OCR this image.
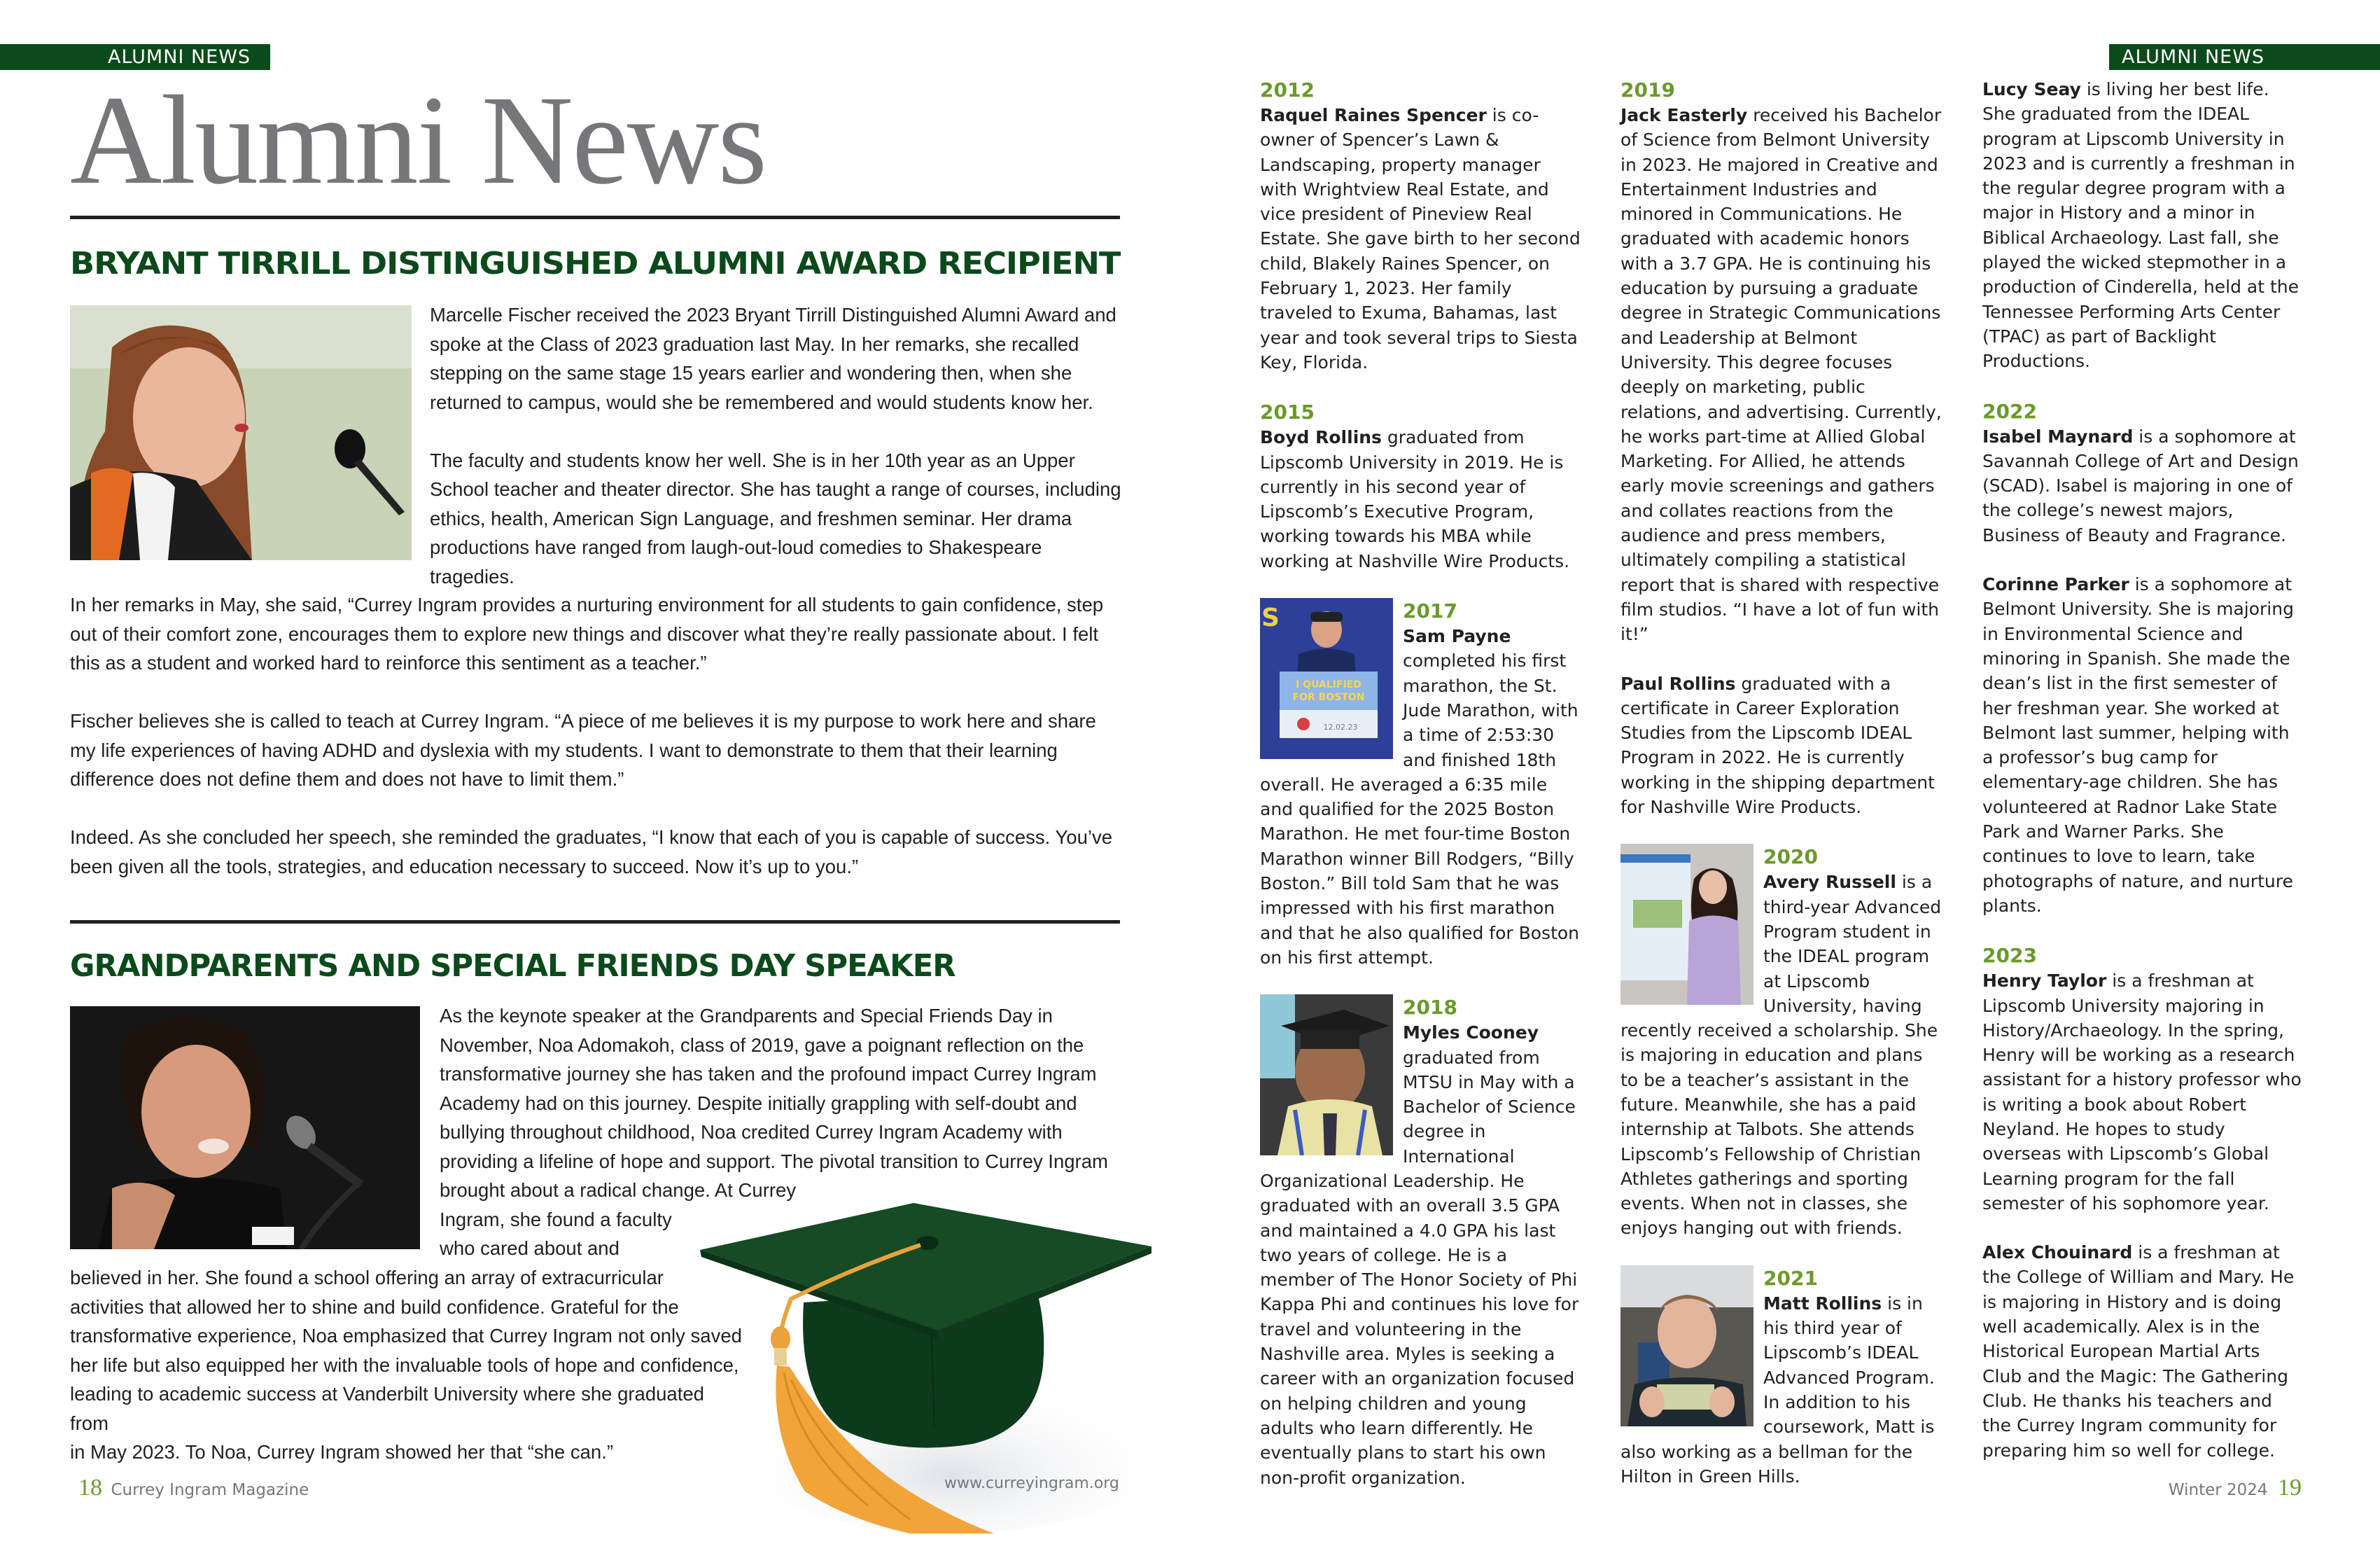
ALUMNI NEWS
Alumni News
BRYANT TIRRILL DISTINGUISHED ALUMNI AWARD RECIPIENT

Marcelle Fischer received the 2023 Bryant Tirrill Distinguished Alumni Award and spoke at the Class of 2023 graduation last May. In her remarks, she recalled stepping on the same stage 15 years earlier and wondering then, when she returned to campus, would she be remembered and would students know her.

The faculty and students know her well. She is in her 10th year as an Upper School teacher and theater director. She has taught a range of courses, including ethics, health, American Sign Language, and freshmen seminar. Her drama productions have ranged from laugh-out-loud comedies to Shakespeare tragedies.

In her remarks in May, she said, “Currey Ingram provides a nurturing environment for all students to gain confidence, step out of their comfort zone, encourages them to explore new things and discover what they’re really passionate about. I felt this as a student and worked hard to reinforce this sentiment as a teacher.”

Fischer believes she is called to teach at Currey Ingram. “A piece of me believes it is my purpose to work here and share my life experiences of having ADHD and dyslexia with my students. I want to demonstrate to them that their learning difference does not define them and does not have to limit them.”

Indeed. As she concluded her speech, she reminded the graduates, “I know that each of you is capable of success. You’ve been given all the tools, strategies, and education necessary to succeed. Now it’s up to you.”

GRANDPARENTS AND SPECIAL FRIENDS DAY SPEAKER
As the keynote speaker at the Grandparents and Special Friends Day in
November, Noa Adomakoh, class of 2019, gave a poignant reflection on the
transformative journey she has taken and the profound impact Currey Ingram
Academy had on this journey. Despite initially grappling with self-doubt and
bullying throughout childhood, Noa credited Currey Ingram Academy with
providing a lifeline of hope and support. The pivotal transition to Currey Ingram
brought about a radical change. At Currey
Ingram, she found a faculty
who cared about and
believed in her. She found a school offering an array of extracurricular
activities that allowed her to shine and build confidence. Grateful for the
transformative experience, Noa emphasized that Currey Ingram not only saved
her life but also equipped her with the invaluable tools of hope and confidence,
leading to academic success at Vanderbilt University where she graduated from
in May 2023. To Noa, Currey Ingram showed her that “she can.”
www.curreyingram.org
18 Currey Ingram Magazine
ALUMNI NEWS
2012

Raquel Raines Spencer is co-owner of Spencer’s Lawn & Landscaping, property manager with Wrightview Real Estate, and vice president of Pineview Real Estate. She gave birth to her second child, Blakely Raines Spencer, on February 1, 2023. Her family traveled to Exuma, Bahamas, last year and took several trips to Siesta Key, Florida.

2015

Boyd Rollins graduated from Lipscomb University in 2019. He is currently in his second year of Lipscomb’s Executive Program, working towards his MBA while working at Nashville Wire Products.

S
I QUALIFIED
FOR BOSTON
12.02.23
2017

Sam Payne completed his first marathon, the St. Jude Marathon, with a time of 2:53:30 and finished 18th overall. He averaged a 6:35 mile and qualified for the 2025 Boston Marathon. He met four-time Boston Marathon winner Bill Rodgers, “Billy Boston.” Bill told Sam that he was impressed with his first marathon and that he also qualified for Boston on his first attempt.

2018

Myles Cooney graduated from MTSU in May with a Bachelor of Science degree in International Organizational Leadership. He graduated with an overall 3.5 GPA and maintained a 4.0 GPA his last two years of college. He is a member of The Honor Society of Phi Kappa Phi and continues his love for travel and volunteering in the Nashville area. Myles is seeking a career with an organization focused on helping children and young adults who learn differently. He eventually plans to start his own non-profit organization.

2019

Jack Easterly received his Bachelor of Science from Belmont University in 2023. He majored in Creative and Entertainment Industries and minored in Communications. He graduated with academic honors with a 3.7 GPA. He is continuing his education by pursuing a graduate degree in Strategic Communications and Leadership at Belmont University. This degree focuses deeply on marketing, public relations, and advertising. Currently, he works part-time at Allied Global Marketing. For Allied, he attends early movie screenings and gathers and collates reactions from the audience and press members, ultimately compiling a statistical report that is shared with respective film studios. “I have a lot of fun with it!”

Paul Rollins graduated with a certificate in Career Exploration Studies from the Lipscomb IDEAL Program in 2022. He is currently working in the shipping department for Nashville Wire Products.

2020

Avery Russell is a third-year Advanced Program student in the IDEAL program at Lipscomb University, having recently received a scholarship. She is majoring in education and plans to be a teacher’s assistant in the future. Meanwhile, she has a paid internship at Talbots. She attends Lipscomb’s Fellowship of Christian Athletes gatherings and sporting events. When not in classes, she enjoys hanging out with friends.

2021

Matt Rollins is in his third year of Lipscomb’s IDEAL Advanced Program. In addition to his coursework, Matt is also working as a bellman for the Hilton in Green Hills.

Lucy Seay is living her best life. She graduated from the IDEAL program at Lipscomb University in 2023 and is currently a freshman in the regular degree program with a major in History and a minor in Biblical Archaeology. Last fall, she played the wicked stepmother in a production of Cinderella, held at the Tennessee Performing Arts Center (TPAC) as part of Backlight Productions.

2022

Isabel Maynard is a sophomore at Savannah College of Art and Design (SCAD). Isabel is majoring in one of the college’s newest majors, Business of Beauty and Fragrance.

Corinne Parker is a sophomore at Belmont University. She is majoring in Environmental Science and minoring in Spanish. She made the dean’s list in the first semester of her freshman year. She worked at Belmont last summer, helping with a professor’s bug camp for elementary-age children. She has volunteered at Radnor Lake State Park and Warner Parks. She continues to love to learn, take photographs of nature, and nurture plants.

2023

Henry Taylor is a freshman at Lipscomb University majoring in History/Archaeology. In the spring, Henry will be working as a research assistant for a history professor who is writing a book about Robert Neyland. He hopes to study overseas with Lipscomb’s Global Learning program for the fall semester of his sophomore year.

Alex Chouinard is a freshman at the College of William and Mary. He is majoring in History and is doing well academically. Alex is in the Historical European Martial Arts Club and the Magic: The Gathering Club. He thanks his teachers and the Currey Ingram community for preparing him so well for college.

Winter 2024 19
